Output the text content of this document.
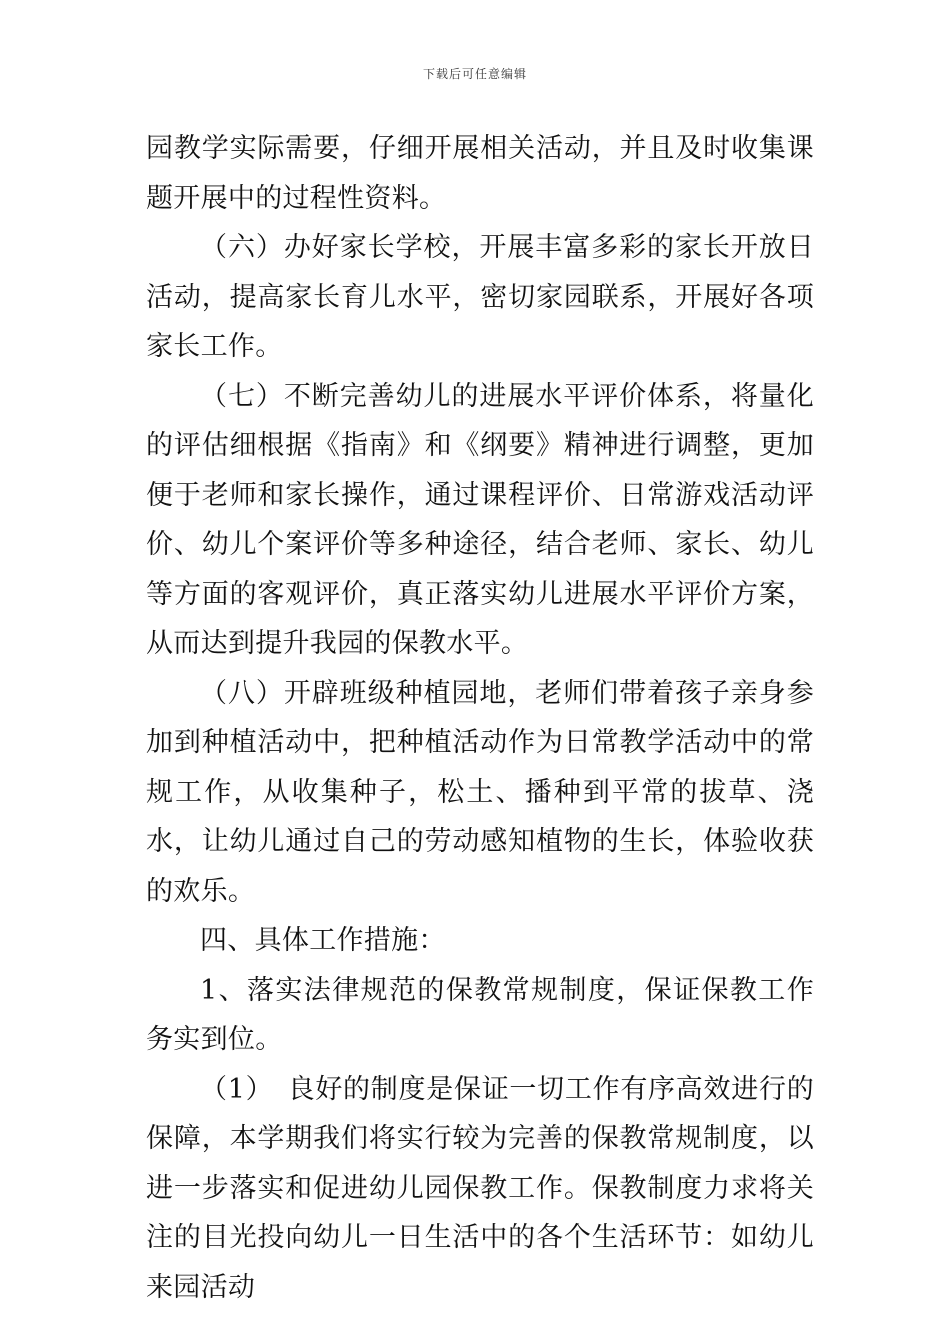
下载后可任意编辑

园教学实际需要，仔细开展相关活动，并且及时收集课题开展中的过程性资料。

（六）办好家长学校，开展丰富多彩的家长开放日活动，提高家长育儿水平，密切家园联系，开展好各项家长工作。

（七）不断完善幼儿的进展水平评价体系，将量化的评估细根据《指南》和《纲要》精神进行调整，更加便于老师和家长操作，通过课程评价、日常游戏活动评价、幼儿个案评价等多种途径，结合老师、家长、幼儿等方面的客观评价，真正落实幼儿进展水平评价方案，从而达到提升我园的保教水平。

（八）开辟班级种植园地，老师们带着孩子亲身参加到种植活动中，把种植活动作为日常教学活动中的常规工作，从收集种子，松土、播种到平常的拔草、浇水，让幼儿通过自己的劳动感知植物的生长，体验收获的欢乐。

四、具体工作措施：

1、落实法律规范的保教常规制度，保证保教工作务实到位。

（1）　良好的制度是保证一切工作有序高效进行的保障，本学期我们将实行较为完善的保教常规制度，以进一步落实和促进幼儿园保教工作。保教制度力求将关注的目光投向幼儿一日生活中的各个生活环节：如幼儿来园活动
